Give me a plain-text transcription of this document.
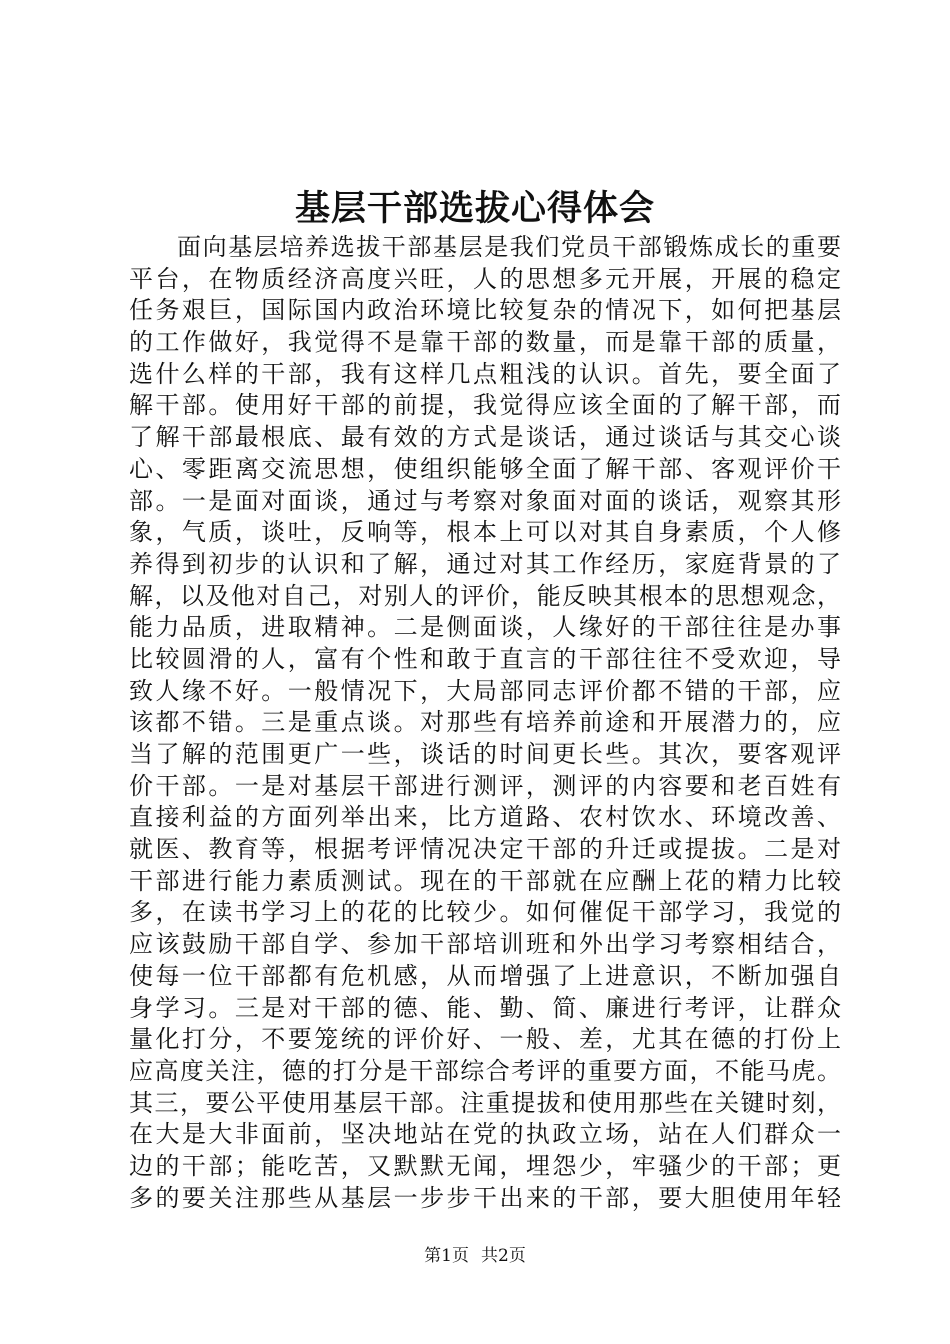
基层干部选拔心得体会
面向基层培养选拔干部基层是我们党员干部锻炼成长的重要
平台，在物质经济高度兴旺，人的思想多元开展，开展的稳定
任务艰巨，国际国内政治环境比较复杂的情况下，如何把基层
的工作做好，我觉得不是靠干部的数量，而是靠干部的质量，
选什么样的干部，我有这样几点粗浅的认识。首先，要全面了
解干部。使用好干部的前提，我觉得应该全面的了解干部，而
了解干部最根底、最有效的方式是谈话，通过谈话与其交心谈
心、零距离交流思想，使组织能够全面了解干部、客观评价干
部。一是面对面谈，通过与考察对象面对面的谈话，观察其形
象，气质，谈吐，反响等，根本上可以对其自身素质，个人修
养得到初步的认识和了解，通过对其工作经历，家庭背景的了
解，以及他对自己，对别人的评价，能反映其根本的思想观念，
能力品质，进取精神。二是侧面谈，人缘好的干部往往是办事
比较圆滑的人，富有个性和敢于直言的干部往往不受欢迎，导
致人缘不好。一般情况下，大局部同志评价都不错的干部，应
该都不错。三是重点谈。对那些有培养前途和开展潜力的，应
当了解的范围更广一些，谈话的时间更长些。其次，要客观评
价干部。一是对基层干部进行测评，测评的内容要和老百姓有
直接利益的方面列举出来，比方道路、农村饮水、环境改善、
就医、教育等，根据考评情况决定干部的升迁或提拔。二是对
干部进行能力素质测试。现在的干部就在应酬上花的精力比较
多，在读书学习上的花的比较少。如何催促干部学习，我觉的
应该鼓励干部自学、参加干部培训班和外出学习考察相结合，
使每一位干部都有危机感，从而增强了上进意识，不断加强自
身学习。三是对干部的德、能、勤、简、廉进行考评，让群众
量化打分，不要笼统的评价好、一般、差，尤其在德的打份上
应高度关注，德的打分是干部综合考评的重要方面，不能马虎。
其三，要公平使用基层干部。注重提拔和使用那些在关键时刻，
在大是大非面前，坚决地站在党的执政立场，站在人们群众一
边的干部；能吃苦，又默默无闻，埋怨少，牢骚少的干部；更
多的要关注那些从基层一步步干出来的干部，要大胆使用年轻
第1页 共2页
